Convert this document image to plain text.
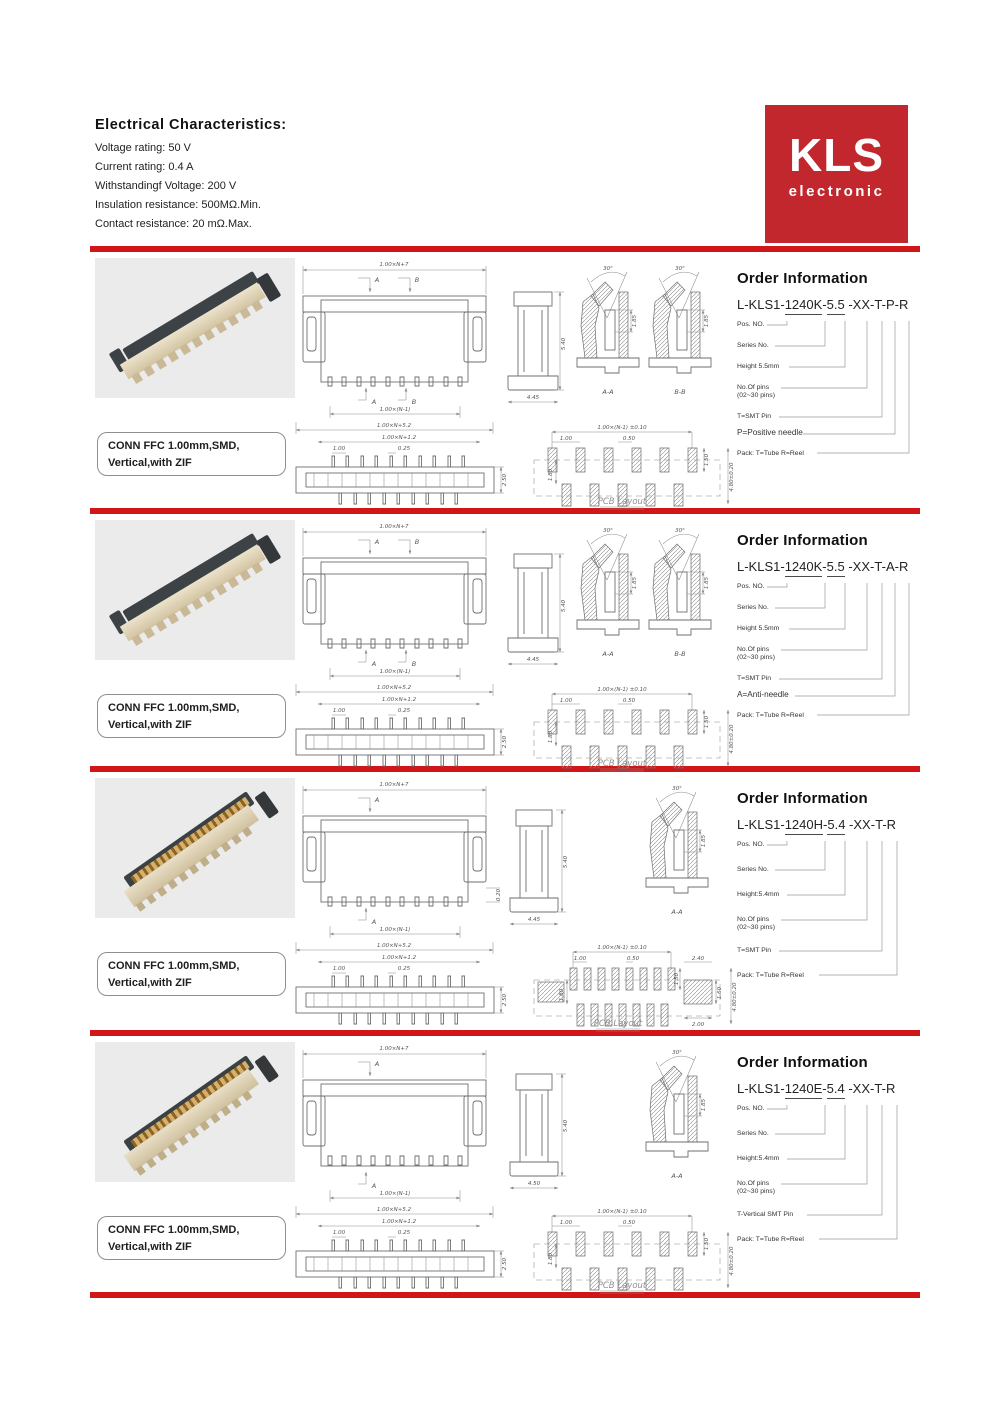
Electrical Characteristics:
Voltage rating: 50 V
Current rating: 0.4 A
Withstandingf Voltage: 200 V
Insulation resistance: 500MΩ.Min.
Contact resistance: 20 mΩ.Max.
KLS
electronic
CONN FFC 1.00mm,SMD,
Vertical,with ZIF
1.00×N+7
A	B
A	B
1.00×(N-1)
1.00×N+5.2
5.40
4.45
30°
1.85
A-A
30°
1.85
B-B
1.00×N+1.2
1.00	0.25
2.50
1.00×(N-1) ±0.10
1.00	0.50
1.80
1.50
4.80±0.20
PCB Layout
Order Information
L-KLS1-1240K-5.5 -XX-T-P-R
Pos. NO.
Series No.
Height 5.5mm
No.Of pins
(02~30 pins)
T=SMT Pin
P=Positive needle
Pack: T=Tube R=Reel
CONN FFC 1.00mm,SMD,
Vertical,with ZIF
1.00×N+7
A	B
A	B
1.00×(N-1)
1.00×N+5.2
5.40
4.45
30°
1.85
A-A
30°
1.85
B-B
1.00×N+1.2
1.00	0.25
2.50
1.00×(N-1) ±0.10
1.00	0.50
1.80
1.50
4.80±0.20
PCB Layout
Order Information
L-KLS1-1240K-5.5 -XX-T-A-R
Pos. NO.
Series No.
Height 5.5mm
No.Of pins
(02~30 pins)
T=SMT Pin
A=Anti-needle
Pack: T=Tube R=Reel
CONN FFC 1.00mm,SMD,
Vertical,with ZIF
1.00×N+7
A
0.20
A
1.00×(N-1)
1.00×N+5.2
5.40
4.45
30°
1.85
A-A
1.00×N+1.2
1.00	0.25
2.50
1.00×(N-1) ±0.10
1.00	0.50	2.40
1.80
1.50
1.60
2.00
4.80±0.20
PCB Layout
Order Information
L-KLS1-1240H-5.4 -XX-T-R
Pos. NO.
Series No.
Height:5.4mm
No.Of pins
(02~30 pins)
T=SMT Pin
Pack: T=Tube R=Reel
CONN FFC 1.00mm,SMD,
Vertical,with ZIF
1.00×N+7
A
A
1.00×(N-1)
1.00×N+5.2
5.40
4.50
30°
1.85
A-A
1.00×N+1.2
1.00	0.25
2.50
1.00×(N-1) ±0.10
1.00	0.50
1.80
1.50
4.80±0.20
PCB Layout
Order Information
L-KLS1-1240E-5.4 -XX-T-R
Pos. NO.
Series No.
Height:5.4mm
No.Of pins
(02~30 pins)
T-Vertical SMT Pin
Pack: T=Tube R=Reel
